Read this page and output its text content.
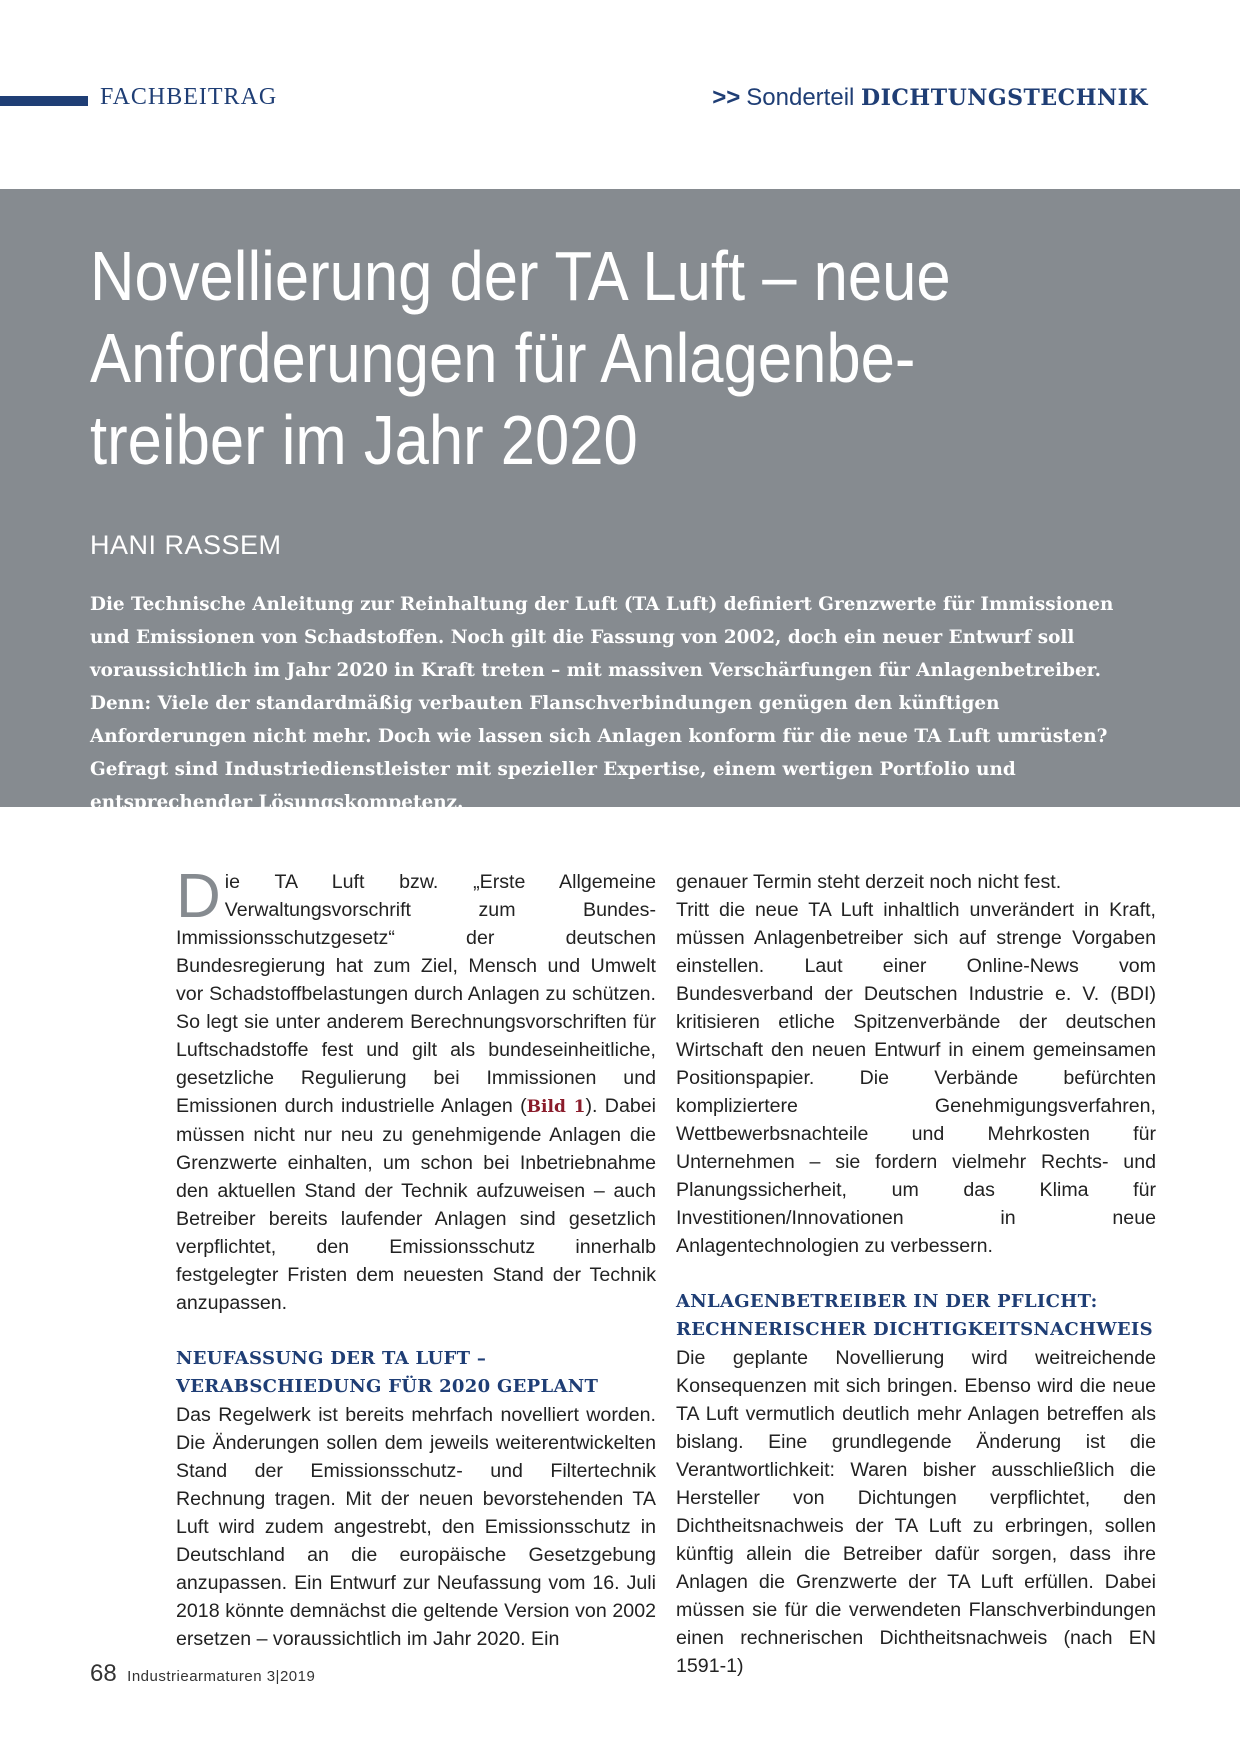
FACHBEITRAG	>> Sonderteil DICHTUNGSTECHNIK
Novellierung der TA Luft – neue
Anforderungen für Anlagenbe-
treiber im Jahr 2020
HANI RASSEM

Die Technische Anleitung zur Reinhaltung der Luft (TA Luft) definiert Grenzwerte für Immissionen und Emissionen von Schadstoffen. Noch gilt die Fassung von 2002, doch ein neuer Entwurf soll voraussichtlich im Jahr 2020 in Kraft treten – mit massiven Verschärfungen für Anlagenbetreiber. Denn: Viele der standardmäßig verbauten Flanschverbindungen genügen den künftigen Anforderungen nicht mehr. Doch wie lassen sich Anlagen konform für die neue TA Luft umrüsten? Gefragt sind Industriedienstleister mit spezieller Expertise, einem wertigen Portfolio und entsprechender Lösungskompetenz.

Die TA Luft bzw. „Erste Allgemeine Verwaltungsvorschrift zum Bundes-Immissionsschutzgesetz“ der deutschen Bundesregierung hat zum Ziel, Mensch und Umwelt vor Schadstoffbelastungen durch Anlagen zu schützen. So legt sie unter anderem Berechnungsvorschriften für Luftschadstoffe fest und gilt als bundeseinheitliche, gesetzliche Regulierung bei Immissionen und Emissionen durch industrielle Anlagen (Bild 1). Dabei müssen nicht nur neu zu genehmigende Anlagen die Grenzwerte einhalten, um schon bei Inbetriebnahme den aktuellen Stand der Technik aufzuweisen – auch Betreiber bereits laufender Anlagen sind gesetzlich verpflichtet, den Emissionsschutz innerhalb festgelegter Fristen dem neuesten Stand der Technik anzupassen.

NEUFASSUNG DER TA LUFT – VERABSCHIEDUNG FÜR 2020 GEPLANT

Das Regelwerk ist bereits mehrfach novelliert worden. Die Änderungen sollen dem jeweils weiterentwickelten Stand der Emissionsschutz- und Filtertechnik Rechnung tragen. Mit der neuen bevorstehenden TA Luft wird zudem angestrebt, den Emissionsschutz in Deutschland an die europäische Gesetzgebung anzupassen. Ein Entwurf zur Neufassung vom 16. Juli 2018 könnte demnächst die geltende Version von 2002 ersetzen – voraussichtlich im Jahr 2020. Ein

genauer Termin steht derzeit noch nicht fest.

Tritt die neue TA Luft inhaltlich unverändert in Kraft, müssen Anlagenbetreiber sich auf strenge Vorgaben einstellen. Laut einer Online-News vom Bundesverband der Deutschen Industrie e. V. (BDI) kritisieren etliche Spitzenverbände der deutschen Wirtschaft den neuen Entwurf in einem gemeinsamen Positionspapier. Die Verbände befürchten kompliziertere Genehmigungsverfahren, Wettbewerbsnachteile und Mehrkosten für Unternehmen – sie fordern vielmehr Rechts- und Planungssicherheit, um das Klima für Investitionen/Innovationen in neue Anlagentechnologien zu verbessern.

ANLAGENBETREIBER IN DER PFLICHT: RECHNERISCHER DICHTIGKEITSNACHWEIS

Die geplante Novellierung wird weitreichende Konsequenzen mit sich bringen. Ebenso wird die neue TA Luft vermutlich deutlich mehr Anlagen betreffen als bislang. Eine grundlegende Änderung ist die Verantwortlichkeit: Waren bisher ausschließlich die Hersteller von Dichtungen verpflichtet, den Dichtheitsnachweis der TA Luft zu erbringen, sollen künftig allein die Betreiber dafür sorgen, dass ihre Anlagen die Grenzwerte der TA Luft erfüllen. Dabei müssen sie für die verwendeten Flanschverbindungen einen rechnerischen Dichtheitsnachweis (nach EN 1591-1)

68 Industriearmaturen 3|2019
